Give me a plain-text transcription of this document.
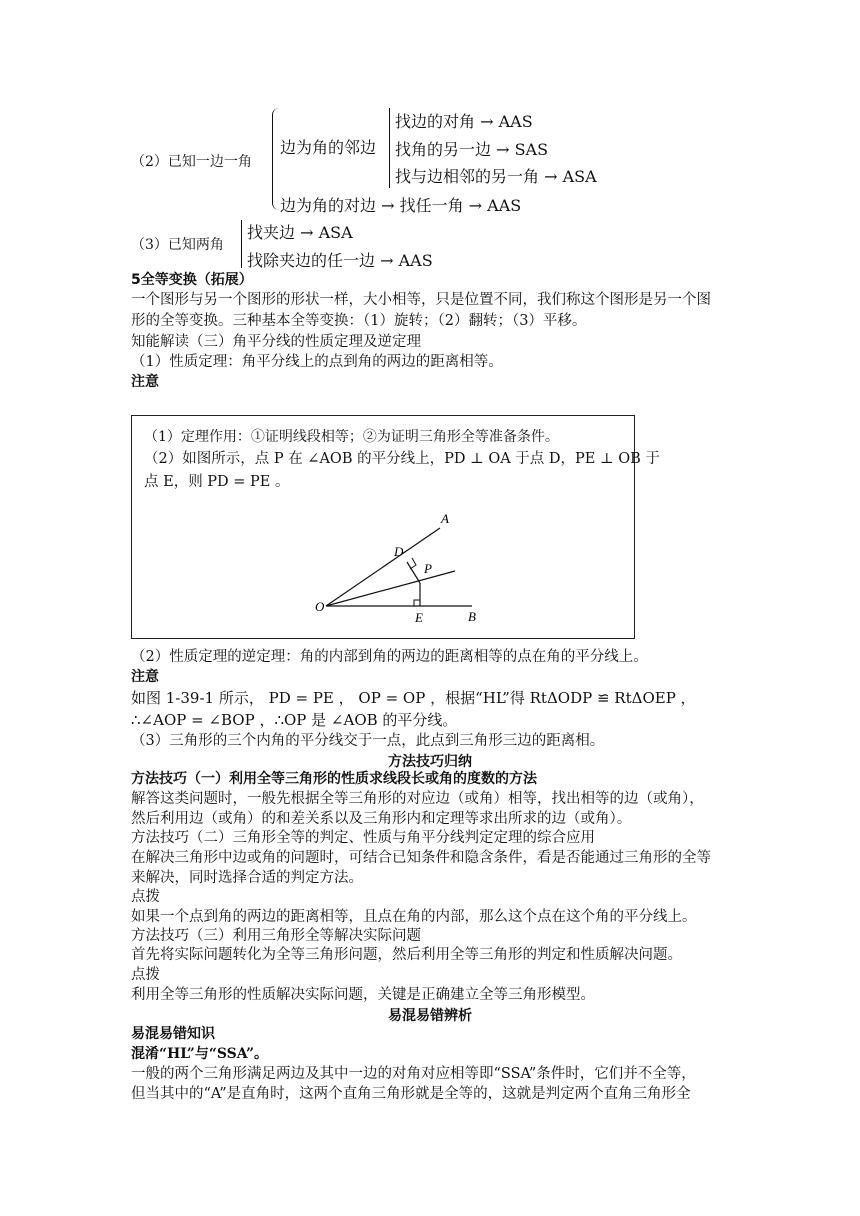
（2）已知一边一角
边为角的邻边
找边的对角 → AAS
找角的另一边 → SAS
找与边相邻的另一角 → ASA
边为角的对边 → 找任一角 → AAS
（3）已知两角
找夹边 → ASA
找除夹边的任一边 → AAS
5全等变换（拓展）
一个图形与另一个图形的形状一样，大小相等，只是位置不同，我们称这个图形是另一个图
形的全等变换。三种基本全等变换：（1）旋转；（2）翻转；（3）平移。
知能解读（三）角平分线的性质定理及逆定理
（1）性质定理：角平分线上的点到角的两边的距离相等。
注意
（1）定理作用：①证明线段相等；②为证明三角形全等准备条件。
（2）如图所示，点 P 在 ∠AOB 的平分线上，PD ⊥ OA 于点 D，PE ⊥ OB 于
点 E，则 PD = PE 。
A
B
O
D
E
P
（2）性质定理的逆定理：角的内部到角的两边的距离相等的点在角的平分线上。
注意
如图 1-39-1 所示， PD = PE ， OP = OP ，根据“HL”得 RtΔODP ≌ RtΔOEP ，
∴∠AOP = ∠BOP ，∴OP 是 ∠AOB 的平分线。
（3）三角形的三个内角的平分线交于一点，此点到三角形三边的距离相。
方法技巧归纳
方法技巧（一）利用全等三角形的性质求线段长或角的度数的方法
解答这类问题时，一般先根据全等三角形的对应边（或角）相等，找出相等的边（或角），
然后利用边（或角）的和差关系以及三角形内和定理等求出所求的边（或角）。
方法技巧（二）三角形全等的判定、性质与角平分线判定定理的综合应用
在解决三角形中边或角的问题时，可结合已知条件和隐含条件，看是否能通过三角形的全等
来解决，同时选择合适的判定方法。
点拨
如果一个点到角的两边的距离相等，且点在角的内部，那么这个点在这个角的平分线上。
方法技巧（三）利用三角形全等解决实际问题
首先将实际问题转化为全等三角形问题，然后利用全等三角形的判定和性质解决问题。
点拨
利用全等三角形的性质解决实际问题，关键是正确建立全等三角形模型。
易混易错辨析
易混易错知识
混淆“HL”与“SSA”。
一般的两个三角形满足两边及其中一边的对角对应相等即“SSA”条件时，它们并不全等，
但当其中的“A”是直角时，这两个直角三角形就是全等的，这就是判定两个直角三角形全
